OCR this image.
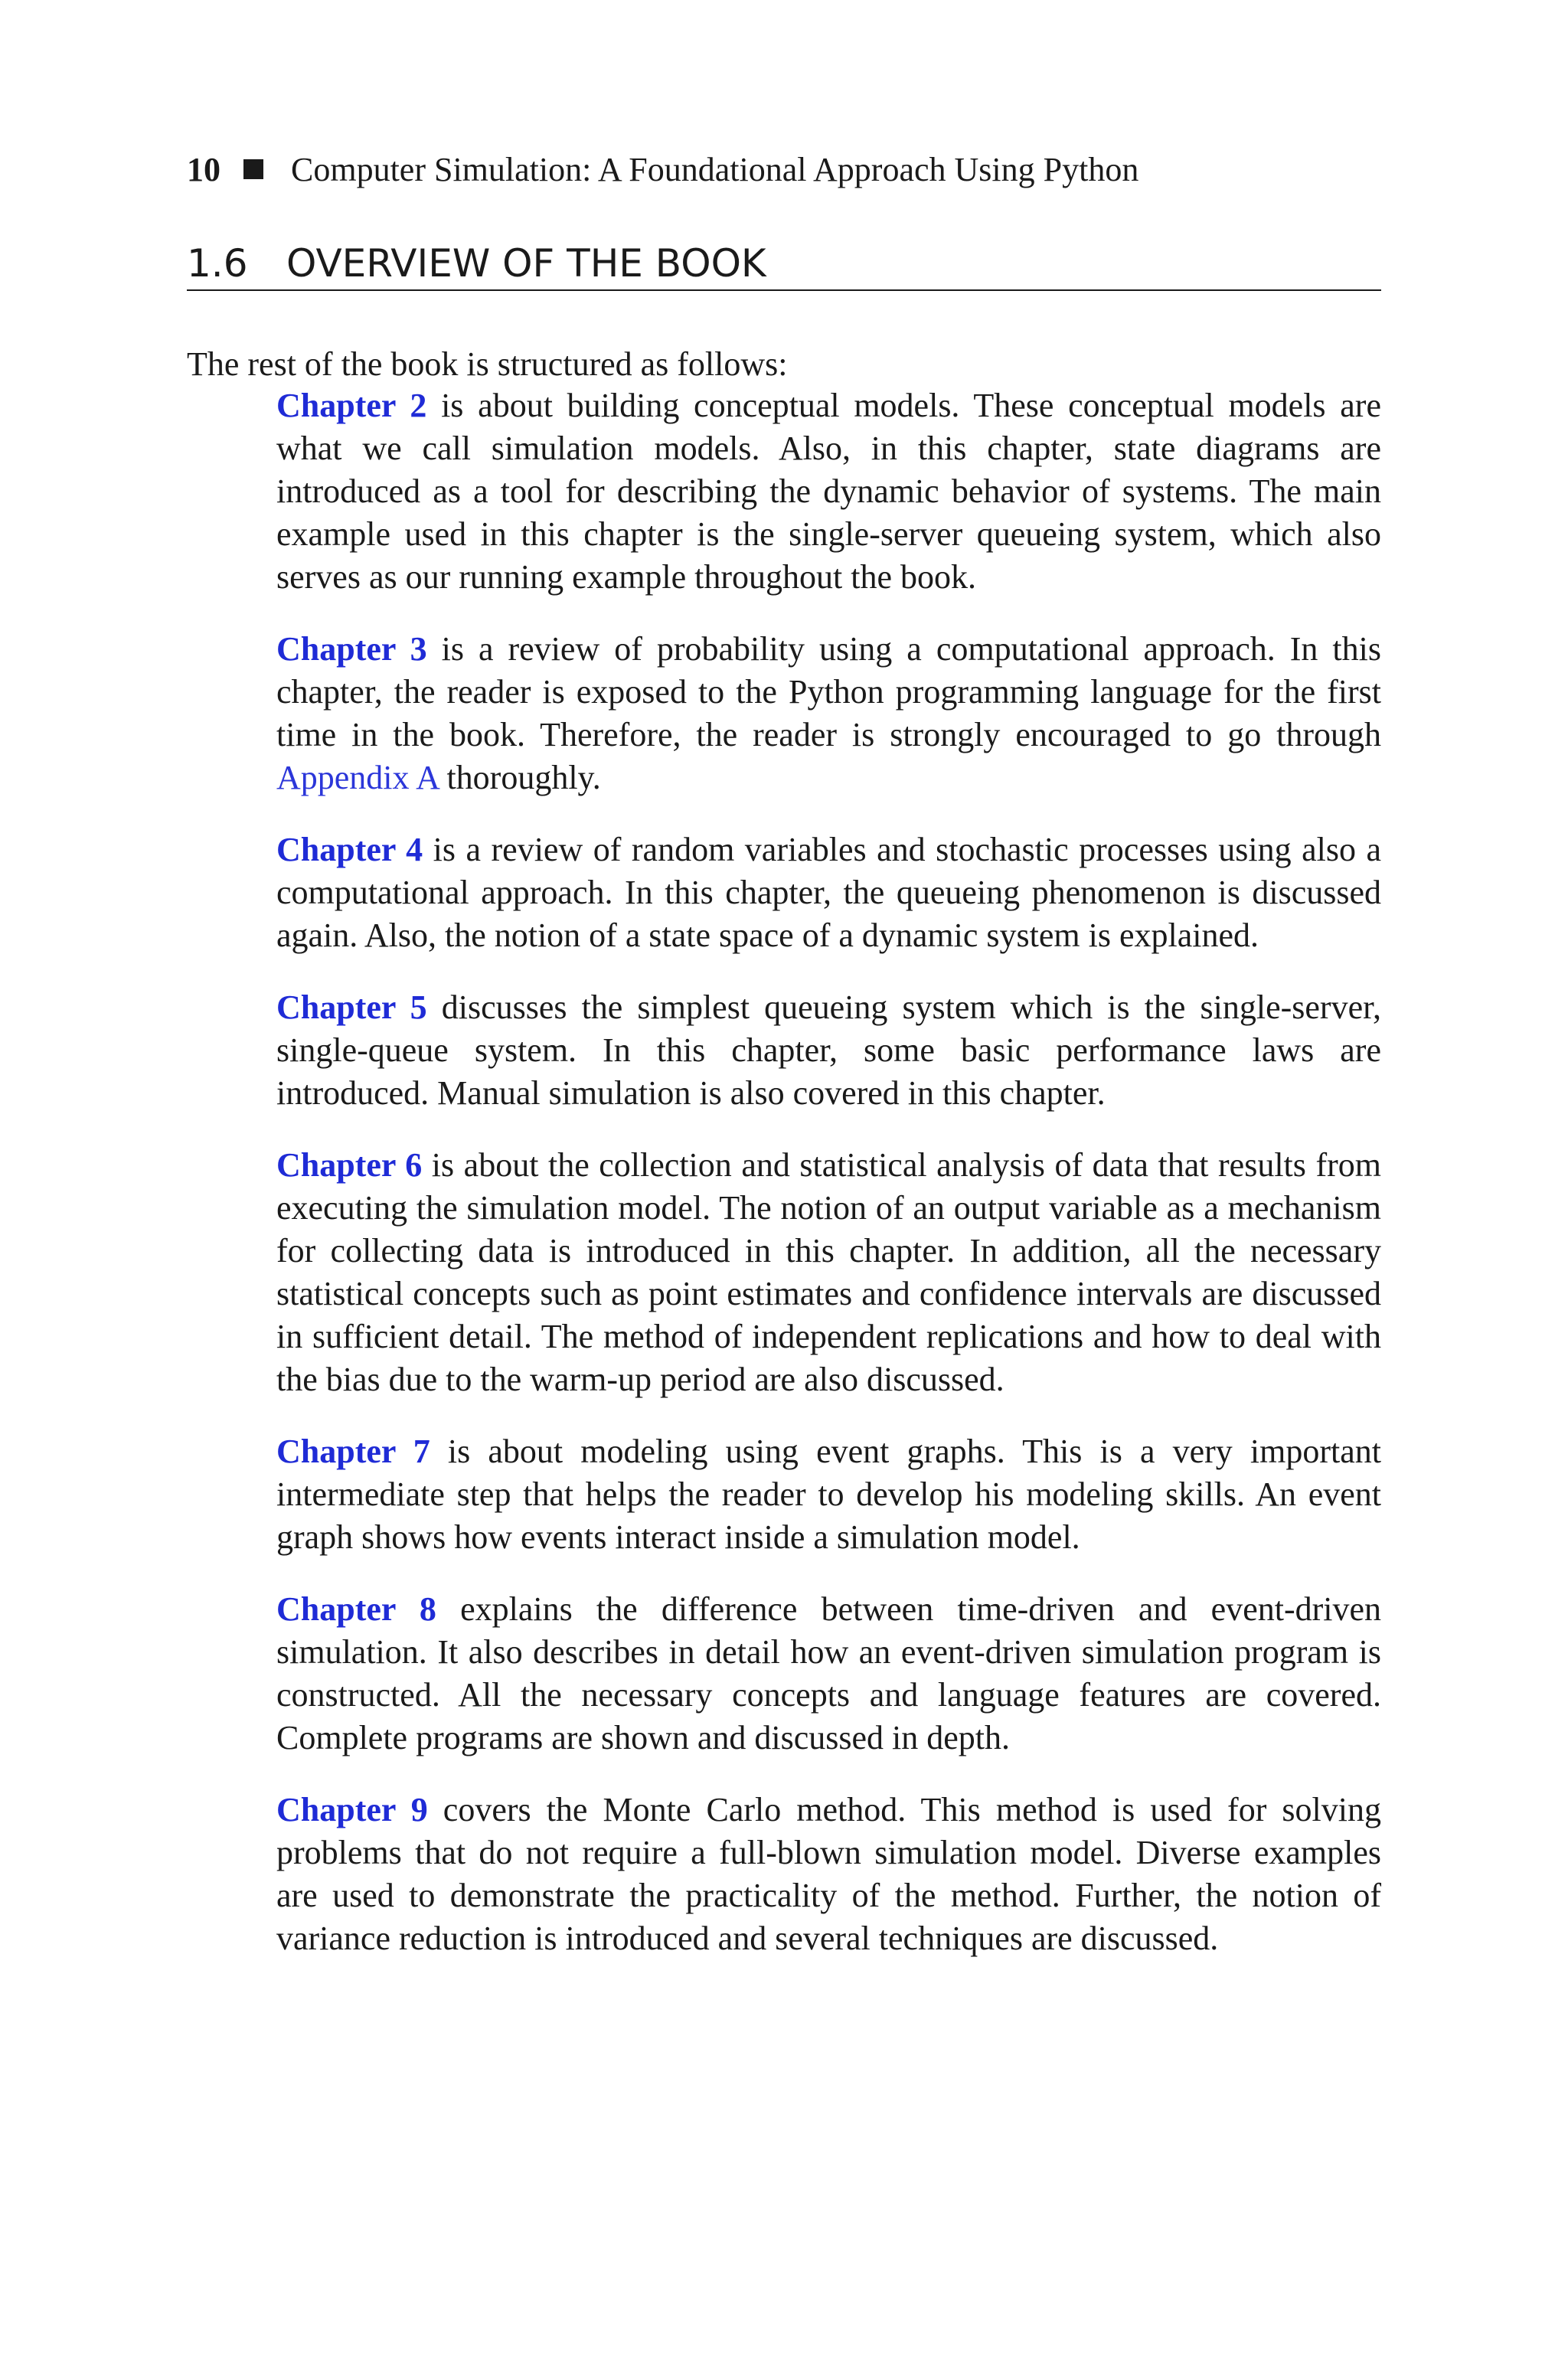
10 Computer Simulation: A Foundational Approach Using Python
1.6 OVERVIEW OF THE BOOK

The rest of the book is structured as follows:

Chapter 2 is about building conceptual models. These conceptual models are what we call simulation models. Also, in this chapter, state diagrams are introduced as a tool for describing the dynamic behavior of systems. The main example used in this chapter is the single-server queueing system, which also serves as our running example throughout the book.

Chapter 3 is a review of probability using a computational approach. In this chapter, the reader is exposed to the Python programming language for the first time in the book. Therefore, the reader is strongly encouraged to go through Appendix A thoroughly.

Chapter 4 is a review of random variables and stochastic processes using also a computational approach. In this chapter, the queueing phenomenon is discussed again. Also, the notion of a state space of a dynamic system is explained.

Chapter 5 discusses the simplest queueing system which is the single-server, single-queue system. In this chapter, some basic performance laws are introduced. Manual simulation is also covered in this chapter.

Chapter 6 is about the collection and statistical analysis of data that results from executing the simulation model. The notion of an output variable as a mechanism for collecting data is introduced in this chapter. In addition, all the necessary statistical concepts such as point estimates and confidence intervals are discussed in sufficient detail. The method of independent replications and how to deal with the bias due to the warm-up period are also discussed.

Chapter 7 is about modeling using event graphs. This is a very important intermediate step that helps the reader to develop his modeling skills. An event graph shows how events interact inside a simulation model.

Chapter 8 explains the difference between time-driven and event-driven simulation. It also describes in detail how an event-driven simulation program is constructed. All the necessary concepts and language features are covered. Complete programs are shown and discussed in depth.

Chapter 9 covers the Monte Carlo method. This method is used for solving problems that do not require a full-blown simulation model. Diverse examples are used to demonstrate the practicality of the method. Further, the notion of variance reduction is introduced and several techniques are discussed.
